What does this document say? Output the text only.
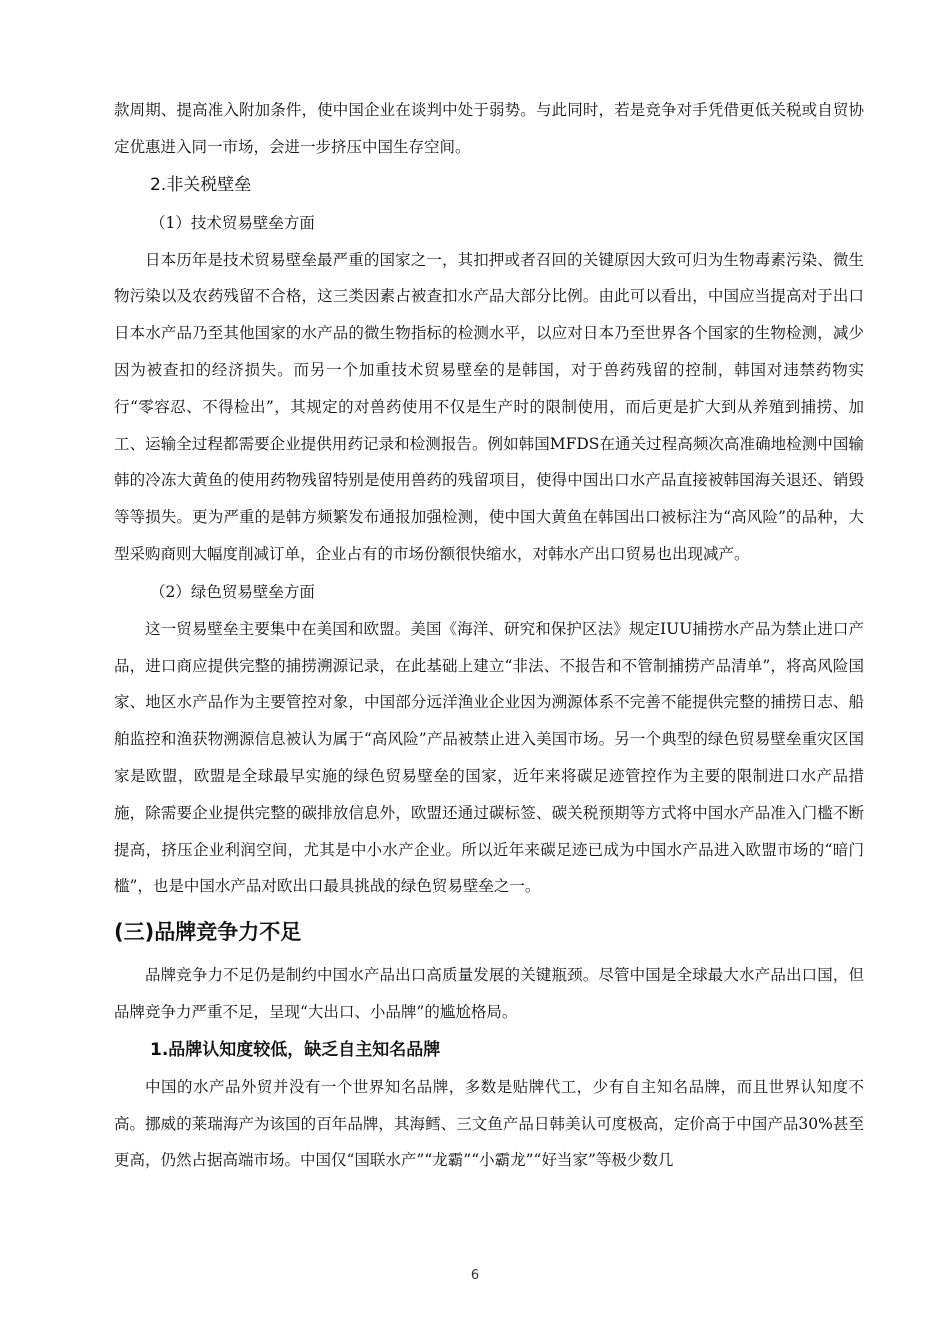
款周期、提高准入附加条件，使中国企业在谈判中处于弱势。与此同时，若是竞争对手凭借更低关税或自贸协定优惠进入同一市场，会进一步挤压中国生存空间。

2.非关税壁垒
（1）技术贸易壁垒方面

日本历年是技术贸易壁垒最严重的国家之一，其扣押或者召回的关键原因大致可归为生物毒素污染、微生物污染以及农药残留不合格，这三类因素占被查扣水产品大部分比例。由此可以看出，中国应当提高对于出口日本水产品乃至其他国家的水产品的微生物指标的检测水平，以应对日本乃至世界各个国家的生物检测，减少因为被查扣的经济损失。而另一个加重技术贸易壁垒的是韩国，对于兽药残留的控制，韩国对违禁药物实行“零容忍、不得检出”，其规定的对兽药使用不仅是生产时的限制使用，而后更是扩大到从养殖到捕捞、加工、运输全过程都需要企业提供用药记录和检测报告。例如韩国MFDS在通关过程高频次高准确地检测中国输韩的冷冻大黄鱼的使用药物残留特别是使用兽药的残留项目，使得中国出口水产品直接被韩国海关退还、销毁等等损失。更为严重的是韩方频繁发布通报加强检测，使中国大黄鱼在韩国出口被标注为“高风险”的品种，大型采购商则大幅度削减订单，企业占有的市场份额很快缩水，对韩水产出口贸易也出现减产。

（2）绿色贸易壁垒方面

这一贸易壁垒主要集中在美国和欧盟。美国《海洋、研究和保护区法》规定IUU捕捞水产品为禁止进口产品，进口商应提供完整的捕捞溯源记录，在此基础上建立“非法、不报告和不管制捕捞产品清单”，将高风险国家、地区水产品作为主要管控对象，中国部分远洋渔业企业因为溯源体系不完善不能提供完整的捕捞日志、船舶监控和渔获物溯源信息被认为属于“高风险”产品被禁止进入美国市场。另一个典型的绿色贸易壁垒重灾区国家是欧盟，欧盟是全球最早实施的绿色贸易壁垒的国家，近年来将碳足迹管控作为主要的限制进口水产品措施，除需要企业提供完整的碳排放信息外，欧盟还通过碳标签、碳关税预期等方式将中国水产品准入门槛不断提高，挤压企业利润空间，尤其是中小水产企业。所以近年来碳足迹已成为中国水产品进入欧盟市场的“暗门槛”，也是中国水产品对欧出口最具挑战的绿色贸易壁垒之一。

(三)品牌竞争力不足

品牌竞争力不足仍是制约中国水产品出口高质量发展的关键瓶颈。尽管中国是全球最大水产品出口国，但品牌竞争力严重不足，呈现“大出口、小品牌”的尴尬格局。

1.品牌认知度较低，缺乏自主知名品牌

中国的水产品外贸并没有一个世界知名品牌，多数是贴牌代工，少有自主知名品牌，而且世界认知度不高。挪威的莱瑞海产为该国的百年品牌，其海鳕、三文鱼产品日韩美认可度极高，定价高于中国产品30%甚至更高，仍然占据高端市场。中国仅“国联水产”“龙霸”“小霸龙”“好当家”等极少数几

6
